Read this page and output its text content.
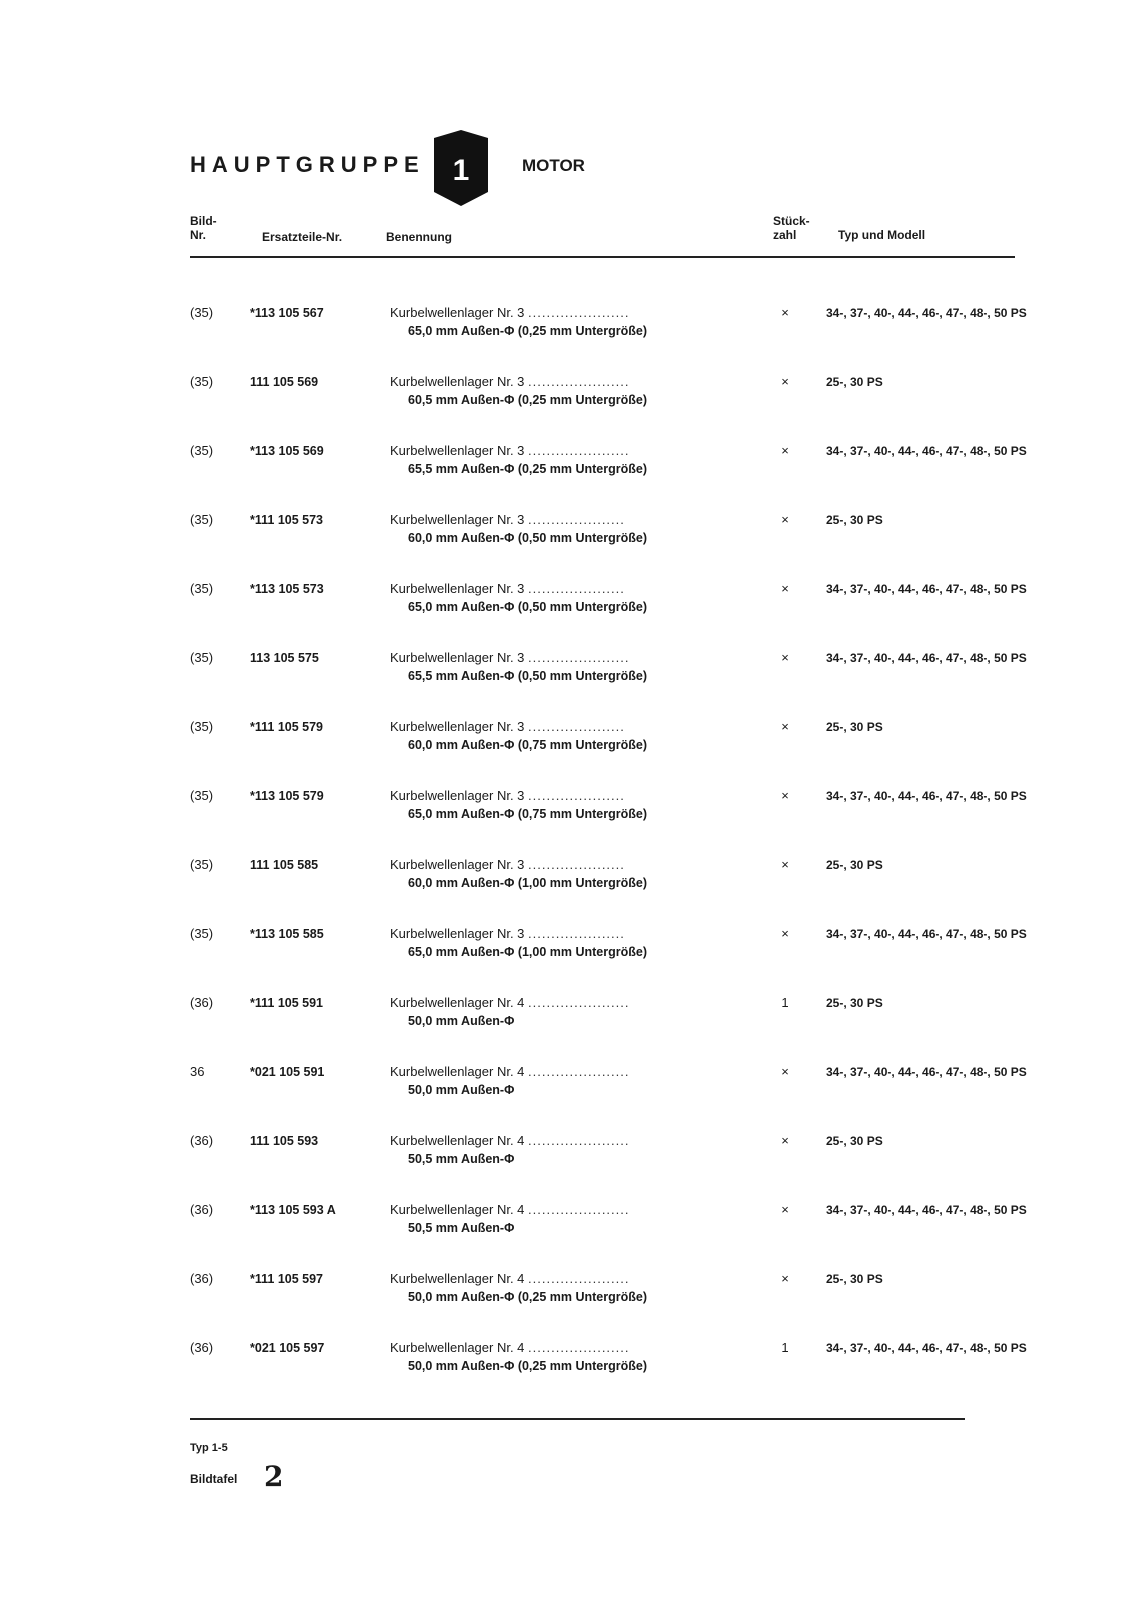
HAUPTGRUPPE 1	MOTOR
Bild-
Nr.	Ersatzteile-Nr.	Benennung
Stück-
zahl	Typ und Modell
(35)	*113 105 567	Kurbelwellenlager Nr. 3 ......................
65,0 mm Außen-Φ (0,25 mm Untergröße)
×	34-, 37-, 40-, 44-, 46-, 47-, 48-, 50 PS
(35)	111 105 569	Kurbelwellenlager Nr. 3 ......................
60,5 mm Außen-Φ (0,25 mm Untergröße)
×	25-, 30 PS
(35)	*113 105 569	Kurbelwellenlager Nr. 3 ......................
65,5 mm Außen-Φ (0,25 mm Untergröße)
×	34-, 37-, 40-, 44-, 46-, 47-, 48-, 50 PS
(35)	*111 105 573	Kurbelwellenlager Nr. 3 .....................
60,0 mm Außen-Φ (0,50 mm Untergröße)
×	25-, 30 PS
(35)	*113 105 573	Kurbelwellenlager Nr. 3 .....................
65,0 mm Außen-Φ (0,50 mm Untergröße)
×	34-, 37-, 40-, 44-, 46-, 47-, 48-, 50 PS
(35)	113 105 575	Kurbelwellenlager Nr. 3 ......................
65,5 mm Außen-Φ (0,50 mm Untergröße)
×	34-, 37-, 40-, 44-, 46-, 47-, 48-, 50 PS
(35)	*111 105 579	Kurbelwellenlager Nr. 3 .....................
60,0 mm Außen-Φ (0,75 mm Untergröße)
×	25-, 30 PS
(35)	*113 105 579	Kurbelwellenlager Nr. 3 .....................
65,0 mm Außen-Φ (0,75 mm Untergröße)
×	34-, 37-, 40-, 44-, 46-, 47-, 48-, 50 PS
(35)	111 105 585	Kurbelwellenlager Nr. 3 .....................
60,0 mm Außen-Φ (1,00 mm Untergröße)
×	25-, 30 PS
(35)	*113 105 585	Kurbelwellenlager Nr. 3 .....................
65,0 mm Außen-Φ (1,00 mm Untergröße)
×	34-, 37-, 40-, 44-, 46-, 47-, 48-, 50 PS
(36)	*111 105 591	Kurbelwellenlager Nr. 4 ......................
50,0 mm Außen-Φ
1	25-, 30 PS
36	*021 105 591	Kurbelwellenlager Nr. 4 ......................
50,0 mm Außen-Φ
×	34-, 37-, 40-, 44-, 46-, 47-, 48-, 50 PS
(36)	111 105 593	Kurbelwellenlager Nr. 4 ......................
50,5 mm Außen-Φ
×	25-, 30 PS
(36)	*113 105 593 A	Kurbelwellenlager Nr. 4 ......................
50,5 mm Außen-Φ
×	34-, 37-, 40-, 44-, 46-, 47-, 48-, 50 PS
(36)	*111 105 597	Kurbelwellenlager Nr. 4 ......................
50,0 mm Außen-Φ (0,25 mm Untergröße)
×	25-, 30 PS
(36)	*021 105 597	Kurbelwellenlager Nr. 4 ......................
50,0 mm Außen-Φ (0,25 mm Untergröße)
1	34-, 37-, 40-, 44-, 46-, 47-, 48-, 50 PS
Typ 1-5
Bildtafel 2
